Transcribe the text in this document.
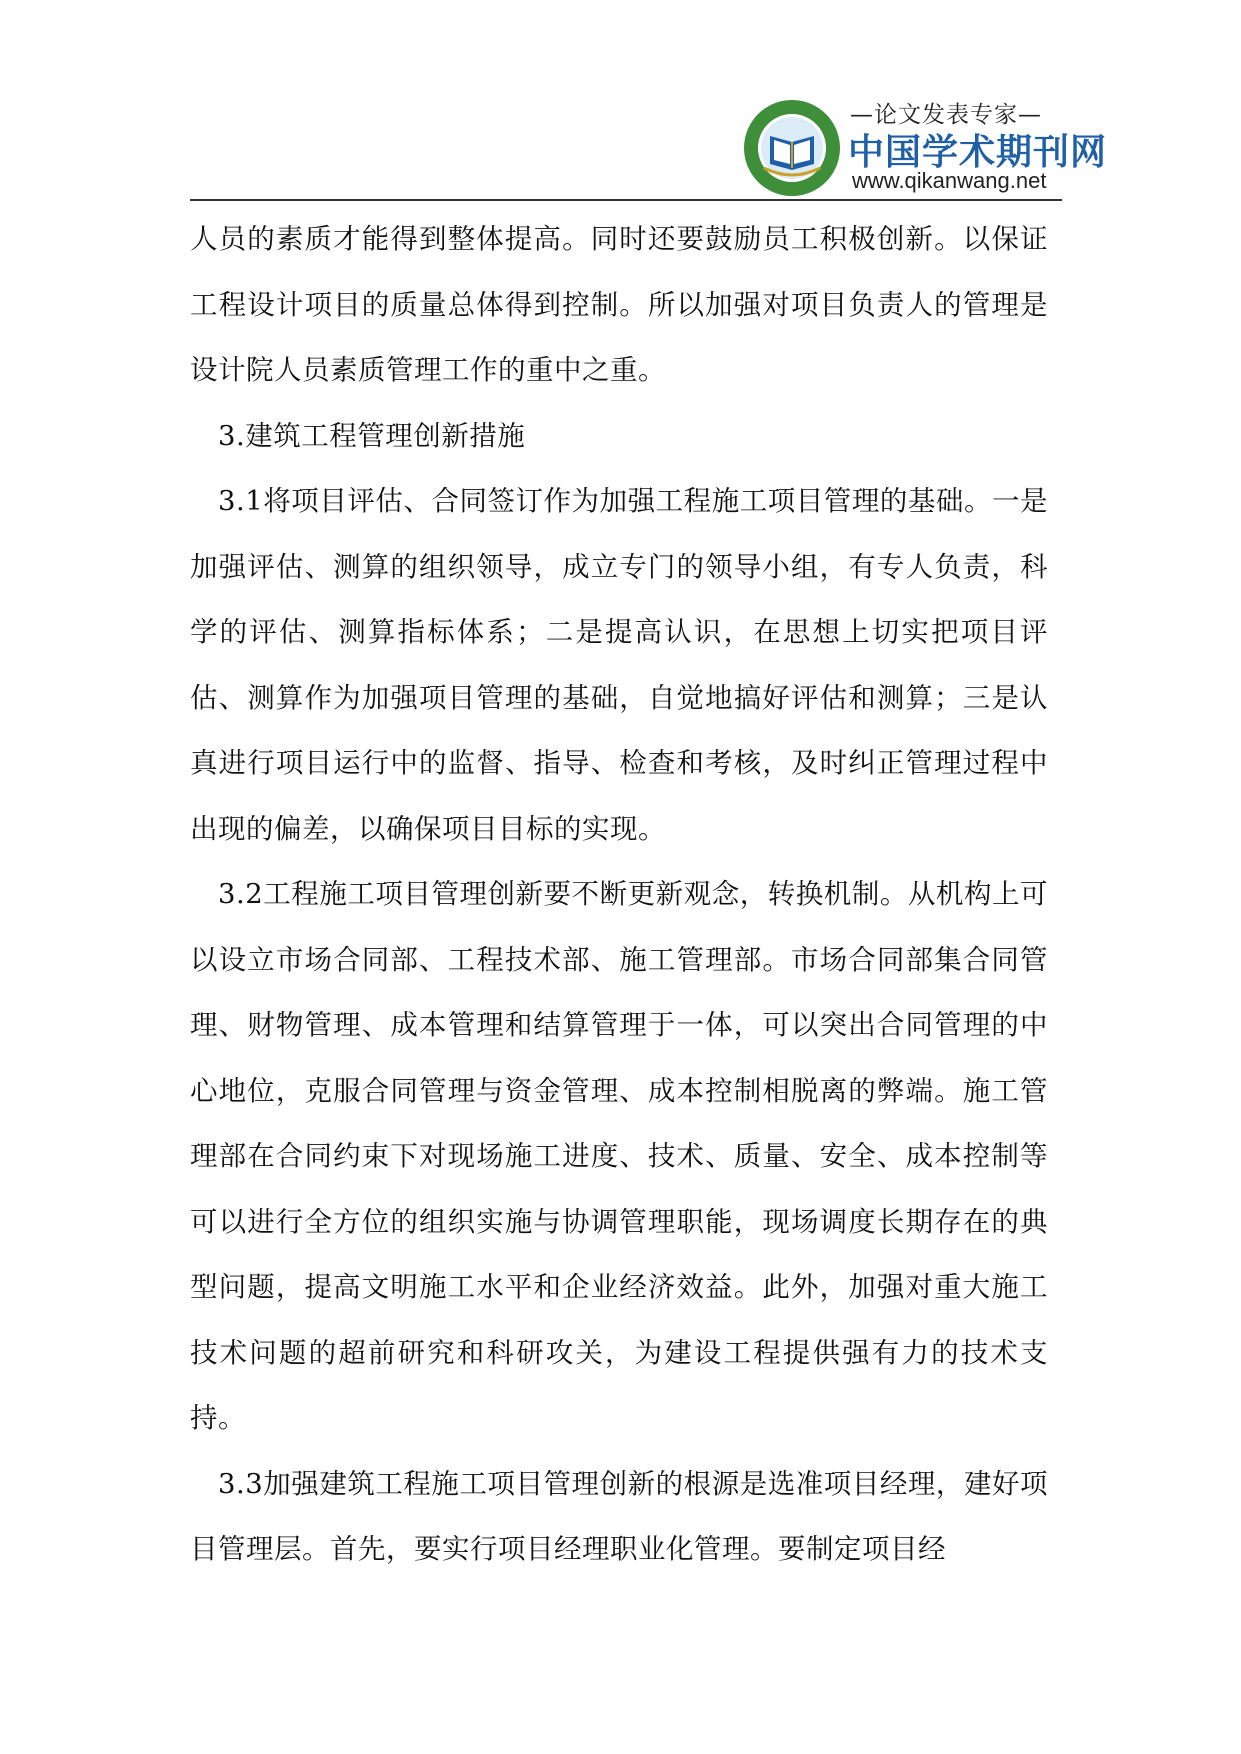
—论文发表专家—
中国学术期刊网
www.qikanwang.net

人员的素质才能得到整体提高。同时还要鼓励员工积极创新。以保证工程设计项目的质量总体得到控制。所以加强对项目负责人的管理是设计院人员素质管理工作的重中之重。

3.建筑工程管理创新措施

3.1将项目评估、合同签订作为加强工程施工项目管理的基础。一是加强评估、测算的组织领导，成立专门的领导小组，有专人负责，科学的评估、测算指标体系；二是提高认识，在思想上切实把项目评估、测算作为加强项目管理的基础，自觉地搞好评估和测算；三是认真进行项目运行中的监督、指导、检查和考核，及时纠正管理过程中出现的偏差，以确保项目目标的实现。

3.2工程施工项目管理创新要不断更新观念，转换机制。从机构上可以设立市场合同部、工程技术部、施工管理部。市场合同部集合同管理、财物管理、成本管理和结算管理于一体，可以突出合同管理的中心地位，克服合同管理与资金管理、成本控制相脱离的弊端。施工管理部在合同约束下对现场施工进度、技术、质量、安全、成本控制等可以进行全方位的组织实施与协调管理职能，现场调度长期存在的典型问题，提高文明施工水平和企业经济效益。此外，加强对重大施工技术问题的超前研究和科研攻关，为建设工程提供强有力的技术支持。

3.3加强建筑工程施工项目管理创新的根源是选准项目经理，建好项目管理层。首先，要实行项目经理职业化管理。要制定项目经
